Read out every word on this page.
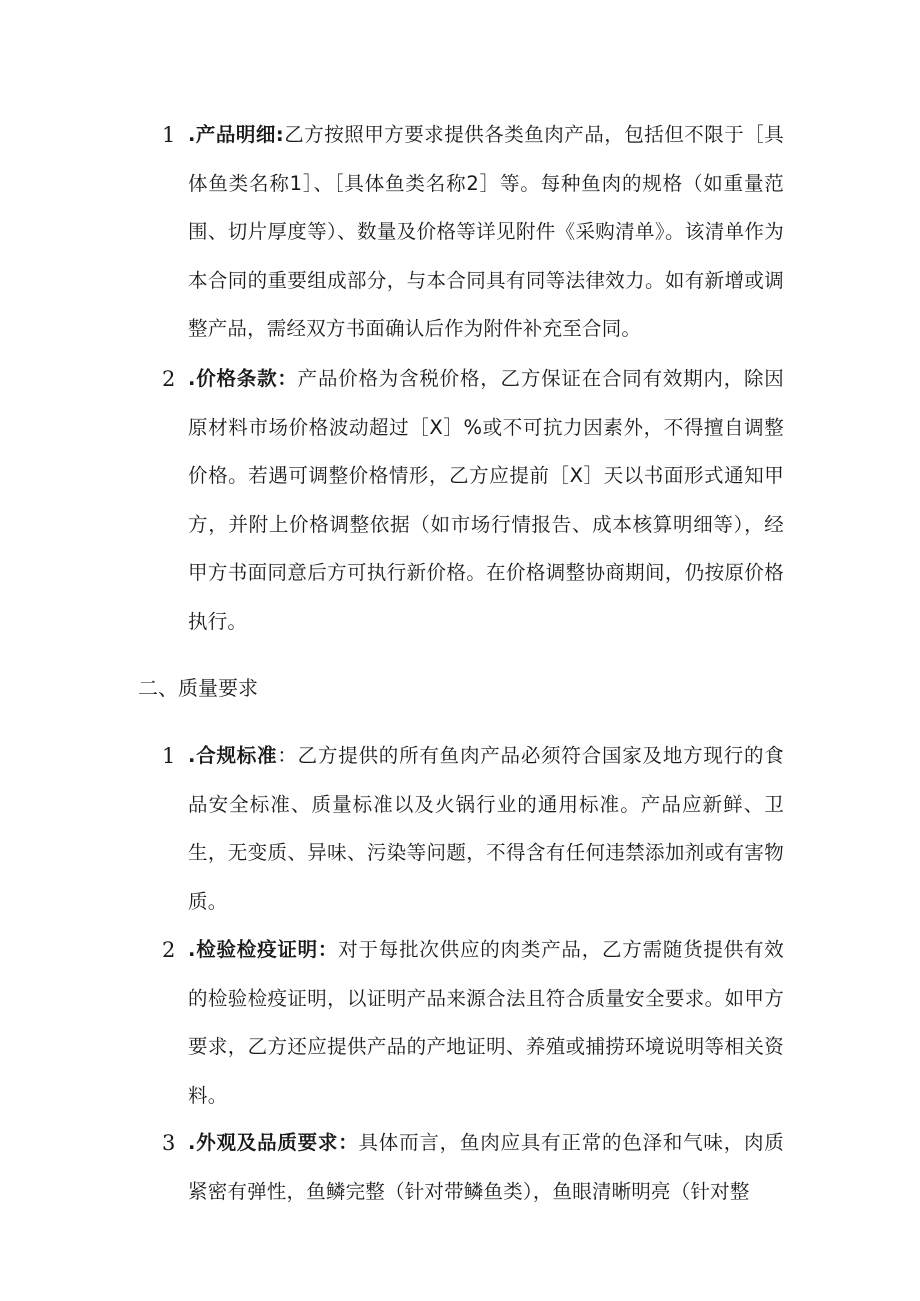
1 .产品明细:乙方按照甲方要求提供各类鱼肉产品，包括但不限于［具体鱼类名称1］、［具体鱼类名称2］等。每种鱼肉的规格（如重量范围、切片厚度等）、数量及价格等详见附件《采购清单》。该清单作为本合同的重要组成部分，与本合同具有同等法律效力。如有新增或调整产品，需经双方书面确认后作为附件补充至合同。
2 .价格条款：产品价格为含税价格，乙方保证在合同有效期内，除因原材料市场价格波动超过［X］%或不可抗力因素外，不得擅自调整价格。若遇可调整价格情形，乙方应提前［X］天以书面形式通知甲方，并附上价格调整依据（如市场行情报告、成本核算明细等），经甲方书面同意后方可执行新价格。在价格调整协商期间，仍按原价格执行。
二、质量要求
1 .合规标准：乙方提供的所有鱼肉产品必须符合国家及地方现行的食品安全标准、质量标准以及火锅行业的通用标准。产品应新鲜、卫生，无变质、异味、污染等问题，不得含有任何违禁添加剂或有害物质。
2 .检验检疫证明：对于每批次供应的肉类产品，乙方需随货提供有效的检验检疫证明，以证明产品来源合法且符合质量安全要求。如甲方要求，乙方还应提供产品的产地证明、养殖或捕捞环境说明等相关资料。
3 .外观及品质要求：具体而言，鱼肉应具有正常的色泽和气味，肉质紧密有弹性，鱼鳞完整（针对带鳞鱼类），鱼眼清晰明亮（针对整
